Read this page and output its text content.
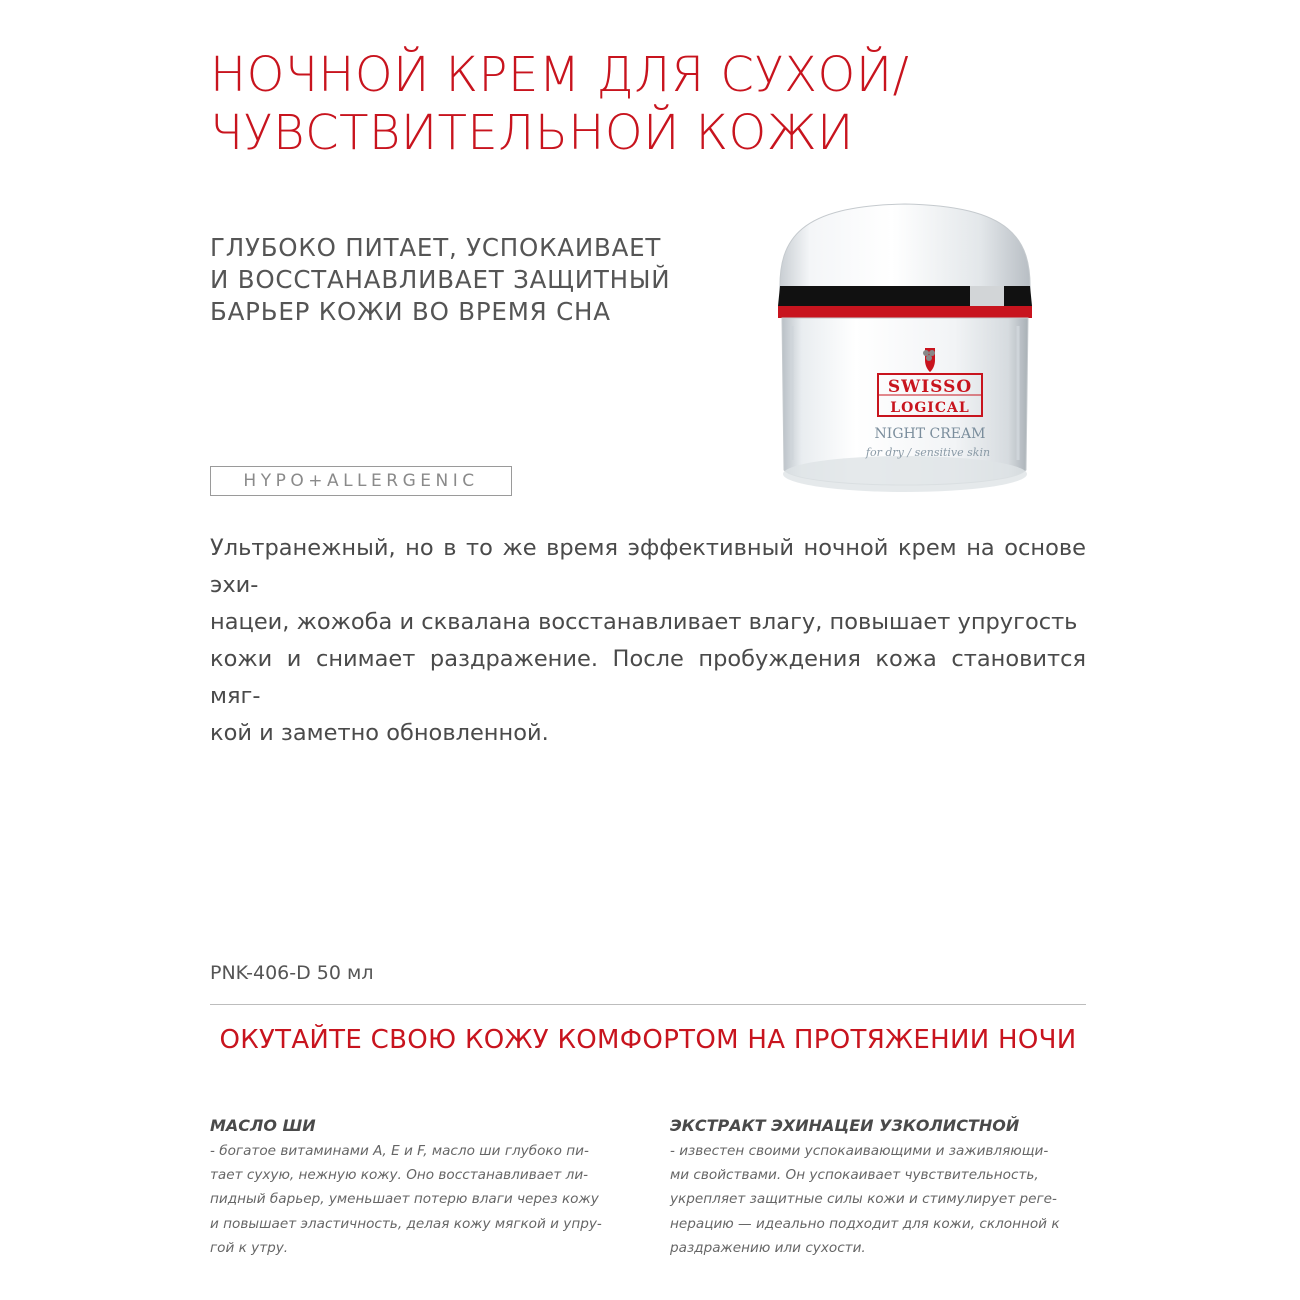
НОЧНОЙ КРЕМ ДЛЯ СУХОЙ/
ЧУВСТВИТЕЛЬНОЙ КОЖИ
ГЛУБОКО ПИТАЕТ, УСПОКАИВАЕТ
И ВОССТАНАВЛИВАЕТ ЗАЩИТНЫЙ
БАРЬЕР КОЖИ ВО ВРЕМЯ СНА
SWISSO
LOGICAL
NIGHT CREAM
for dry / sensitive skin
HYPO+ALLERGENIC
Ультранежный, но в то же время эффективный ночной крем на основе эхи-
нацеи, жожоба и сквалана восстанавливает влагу, повышает упругость
кожи и снимает раздражение. После пробуждения кожа становится мяг-
кой и заметно обновленной.
PNK-406-D 50 мл
ОКУТАЙТЕ СВОЮ КОЖУ КОМФОРТОМ НА ПРОТЯЖЕНИИ НОЧИ
МАСЛО ШИ
- богатое витаминами А, Е и F, масло ши глубоко пи-
тает сухую, нежную кожу. Оно восстанавливает ли-
пидный барьер, уменьшает потерю влаги через кожу
и повышает эластичность, делая кожу мягкой и упру-
гой к утру.
ЭКСТРАКТ ЭХИНАЦЕИ УЗКОЛИСТНОЙ
- известен своими успокаивающими и заживляющи-
ми свойствами. Он успокаивает чувствительность,
укрепляет защитные силы кожи и стимулирует реге-
нерацию — идеально подходит для кожи, склонной к
раздражению или сухости.
